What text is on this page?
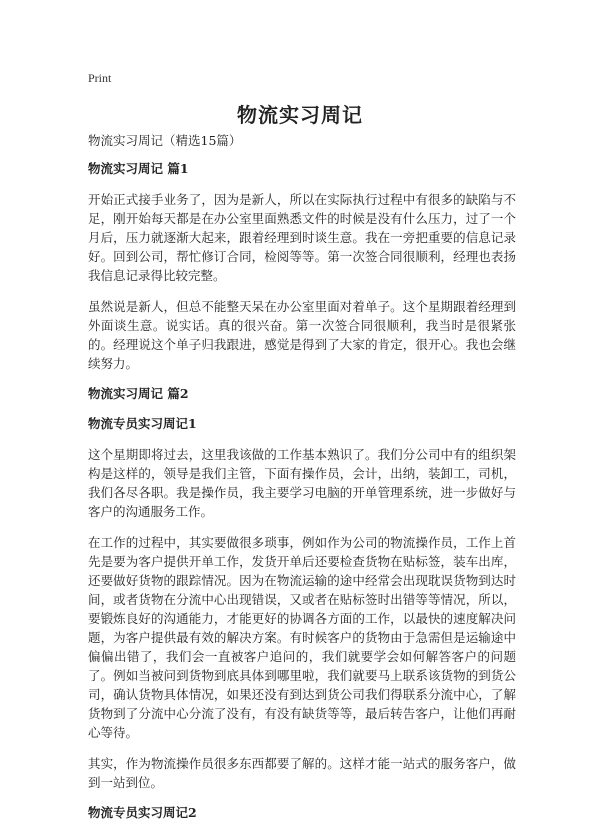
Print
物流实习周记
物流实习周记（精选15篇）
物流实习周记 篇1
开始正式接手业务了，因为是新人，所以在实际执行过程中有很多的缺陷与不足，刚开始每天都是在办公室里面熟悉文件的时候是没有什么压力，过了一个月后，压力就逐渐大起来，跟着经理到时谈生意。我在一旁把重要的信息记录好。回到公司，帮忙修订合同，检阅等等。第一次签合同很顺利，经理也表扬我信息记录得比较完整。
虽然说是新人，但总不能整天呆在办公室里面对着单子。这个星期跟着经理到外面谈生意。说实话。真的很兴奋。第一次签合同很顺利，我当时是很紧张的。经理说这个单子归我跟进，感觉是得到了大家的肯定，很开心。我也会继续努力。
物流实习周记 篇2
物流专员实习周记1
这个星期即将过去，这里我该做的工作基本熟识了。我们分公司中有的组织架构是这样的，领导是我们主管，下面有操作员，会计，出纳，装卸工，司机，我们各尽各职。我是操作员，我主要学习电脑的开单管理系统，进一步做好与客户的沟通服务工作。
在工作的过程中，其实要做很多琐事，例如作为公司的物流操作员，工作上首先是要为客户提供开单工作，发货开单后还要检查货物在贴标签，装车出库，还要做好货物的跟踪情况。因为在物流运输的途中经常会出现耽误货物到达时间，或者货物在分流中心出现错误，又或者在贴标签时出错等等情况，所以，要锻炼良好的沟通能力，才能更好的协调各方面的工作，以最快的速度解决问题，为客户提供最有效的解决方案。有时候客户的货物由于急需但是运输途中偏偏出错了，我们会一直被客户追问的，我们就要学会如何解答客户的问题了。例如当被问到货物到底具体到哪里啦，我们就要马上联系该货物的到货公司，确认货物具体情况，如果还没有到达到货公司我们得联系分流中心，了解货物到了分流中心分流了没有，有没有缺货等等，最后转告客户，让他们再耐心等待。
其实，作为物流操作员很多东西都要了解的。这样才能一站式的服务客户，做到一站到位。
物流专员实习周记2
